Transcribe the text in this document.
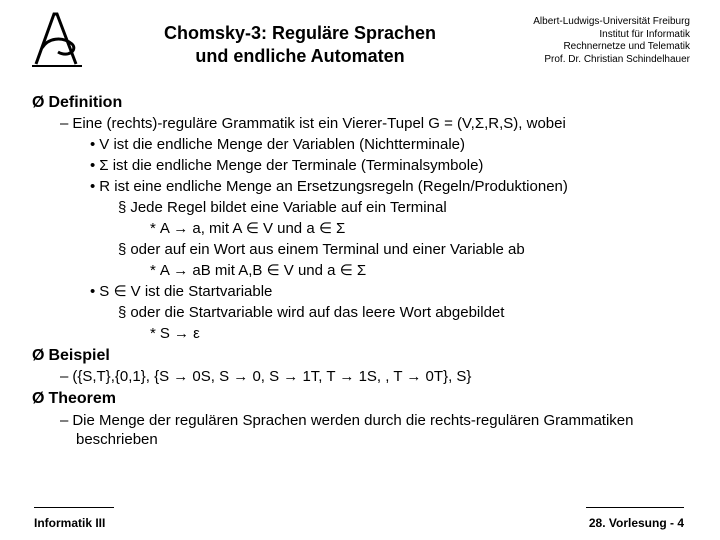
Chomsky-3: Reguläre Sprachen
und endliche Automaten
Albert-Ludwigs-Universität Freiburg
Institut für Informatik
Rechnernetze und Telematik
Prof. Dr. Christian Schindelhauer
Ø Definition
– Eine (rechts)-reguläre Grammatik ist ein Vierer-Tupel G = (V,Σ,R,S), wobei
• V ist die endliche Menge der Variablen (Nichtterminale)
• Σ ist die endliche Menge der Terminale (Terminalsymbole)
• R ist eine endliche Menge an Ersetzungsregeln (Regeln/Produktionen)
§ Jede Regel bildet eine Variable auf ein Terminal
* A → a, mit A ∈ V und a ∈ Σ
§ oder auf ein Wort aus einem Terminal und einer Variable ab
* A → aB mit A,B ∈ V und a ∈ Σ
• S ∈ V ist die Startvariable
§ oder die Startvariable wird auf das leere Wort abgebildet
* S → ε
Ø Beispiel
– ({S,T},{0,1}, {S → 0S, S → 0, S → 1T, T → 1S, , T → 0T}, S}
Ø Theorem
– Die Menge der regulären Sprachen werden durch die rechts-regulären Grammatiken
beschrieben
Informatik III	28. Vorlesung - 4
